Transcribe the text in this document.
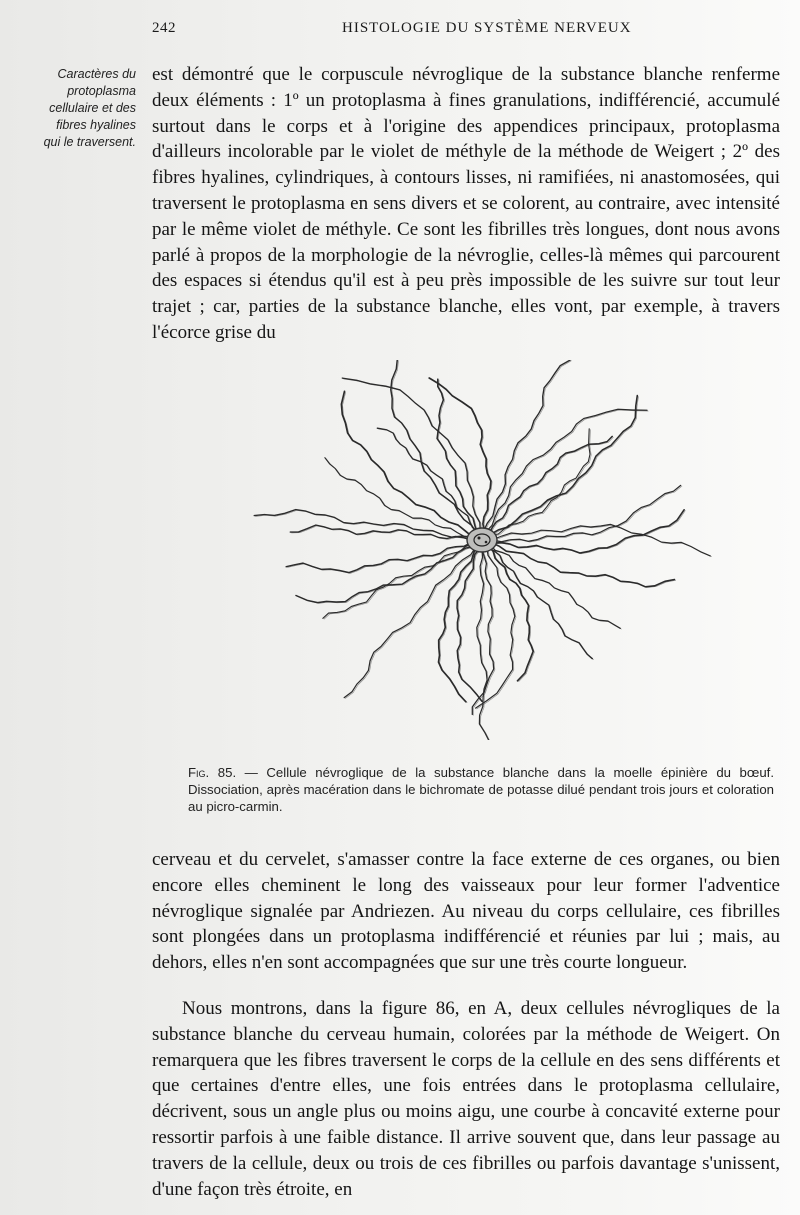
242	HISTOLOGIE DU SYSTÈME NERVEUX
Caractères du protoplasma cellulaire et des fibres hyalines qui le traversent.

est démontré que le corpuscule névroglique de la substance blanche renferme deux éléments : 1º un protoplasma à fines granulations, indifférencié, accumulé surtout dans le corps et à l'origine des appendices principaux, protoplasma d'ailleurs incolorable par le violet de méthyle de la méthode de Weigert ; 2º des fibres hyalines, cylindriques, à contours lisses, ni ramifiées, ni anastomosées, qui traversent le protoplasma en sens divers et se colorent, au contraire, avec intensité par le même violet de méthyle. Ce sont les fibrilles très longues, dont nous avons parlé à propos de la morphologie de la névroglie, celles-là mêmes qui parcourent des espaces si étendus qu'il est à peu près impossible de les suivre sur tout leur trajet ; car, parties de la substance blanche, elles vont, par exemple, à travers l'écorce grise du

Fig. 85. — Cellule névroglique de la substance blanche dans la moelle épinière du bœuf. Dissociation, après macération dans le bichromate de potasse dilué pendant trois jours et coloration au picro-carmin.

cerveau et du cervelet, s'amasser contre la face externe de ces organes, ou bien encore elles cheminent le long des vaisseaux pour leur former l'adventice névroglique signalée par Andriezen. Au niveau du corps cellulaire, ces fibrilles sont plongées dans un protoplasma indifférencié et réunies par lui ; mais, au dehors, elles n'en sont accompagnées que sur une très courte longueur.

Nous montrons, dans la figure 86, en A, deux cellules névrogliques de la substance blanche du cerveau humain, colorées par la méthode de Weigert. On remarquera que les fibres traversent le corps de la cellule en des sens différents et que certaines d'entre elles, une fois entrées dans le protoplasma cellulaire, décrivent, sous un angle plus ou moins aigu, une courbe à concavité externe pour ressortir parfois à une faible distance. Il arrive souvent que, dans leur passage au travers de la cellule, deux ou trois de ces fibrilles ou parfois davantage s'unissent, d'une façon très étroite, en
